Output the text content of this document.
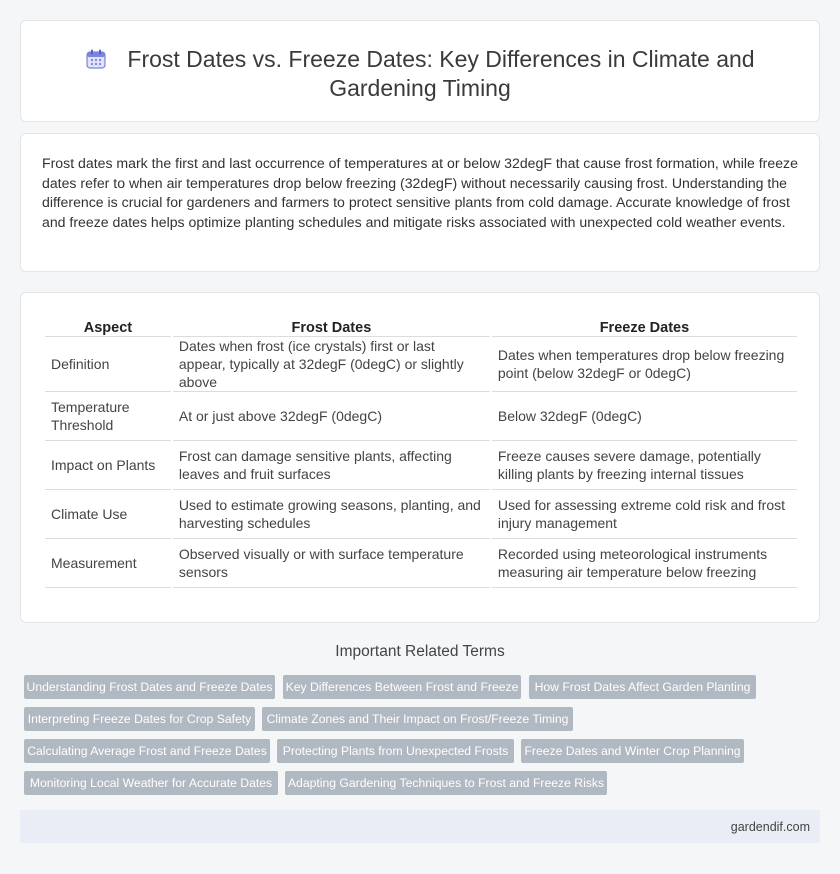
Frost Dates vs. Freeze Dates: Key Differences in Climate and Gardening Timing

Frost dates mark the first and last occurrence of temperatures at or below 32degF that cause frost formation, while freeze dates refer to when air temperatures drop below freezing (32degF) without necessarily causing frost. Understanding the difference is crucial for gardeners and farmers to protect sensitive plants from cold damage. Accurate knowledge of frost and freeze dates helps optimize planting schedules and mitigate risks associated with unexpected cold weather events.

Aspect	Frost Dates	Freeze Dates
Definition	Dates when frost (ice crystals) first or last appear, typically at 32degF (0degC) or slightly above	Dates when temperatures drop below freezing point (below 32degF or 0degC)
Temperature Threshold	At or just above 32degF (0degC)	Below 32degF (0degC)
Impact on Plants	Frost can damage sensitive plants, affecting leaves and fruit surfaces	Freeze causes severe damage, potentially killing plants by freezing internal tissues
Climate Use	Used to estimate growing seasons, planting, and harvesting schedules	Used for assessing extreme cold risk and frost injury management
Measurement	Observed visually or with surface temperature sensors	Recorded using meteorological instruments measuring air temperature below freezing
Important Related Terms
Understanding Frost Dates and Freeze Dates Key Differences Between Frost and Freeze	How Frost Dates Affect Garden Planting
Interpreting Freeze Dates for Crop Safety	Climate Zones and Their Impact on Frost/Freeze Timing
Calculating Average Frost and Freeze Dates	Protecting Plants from Unexpected Frosts	Freeze Dates and Winter Crop Planning
Monitoring Local Weather for Accurate Dates	Adapting Gardening Techniques to Frost and Freeze Risks
gardendif.com
